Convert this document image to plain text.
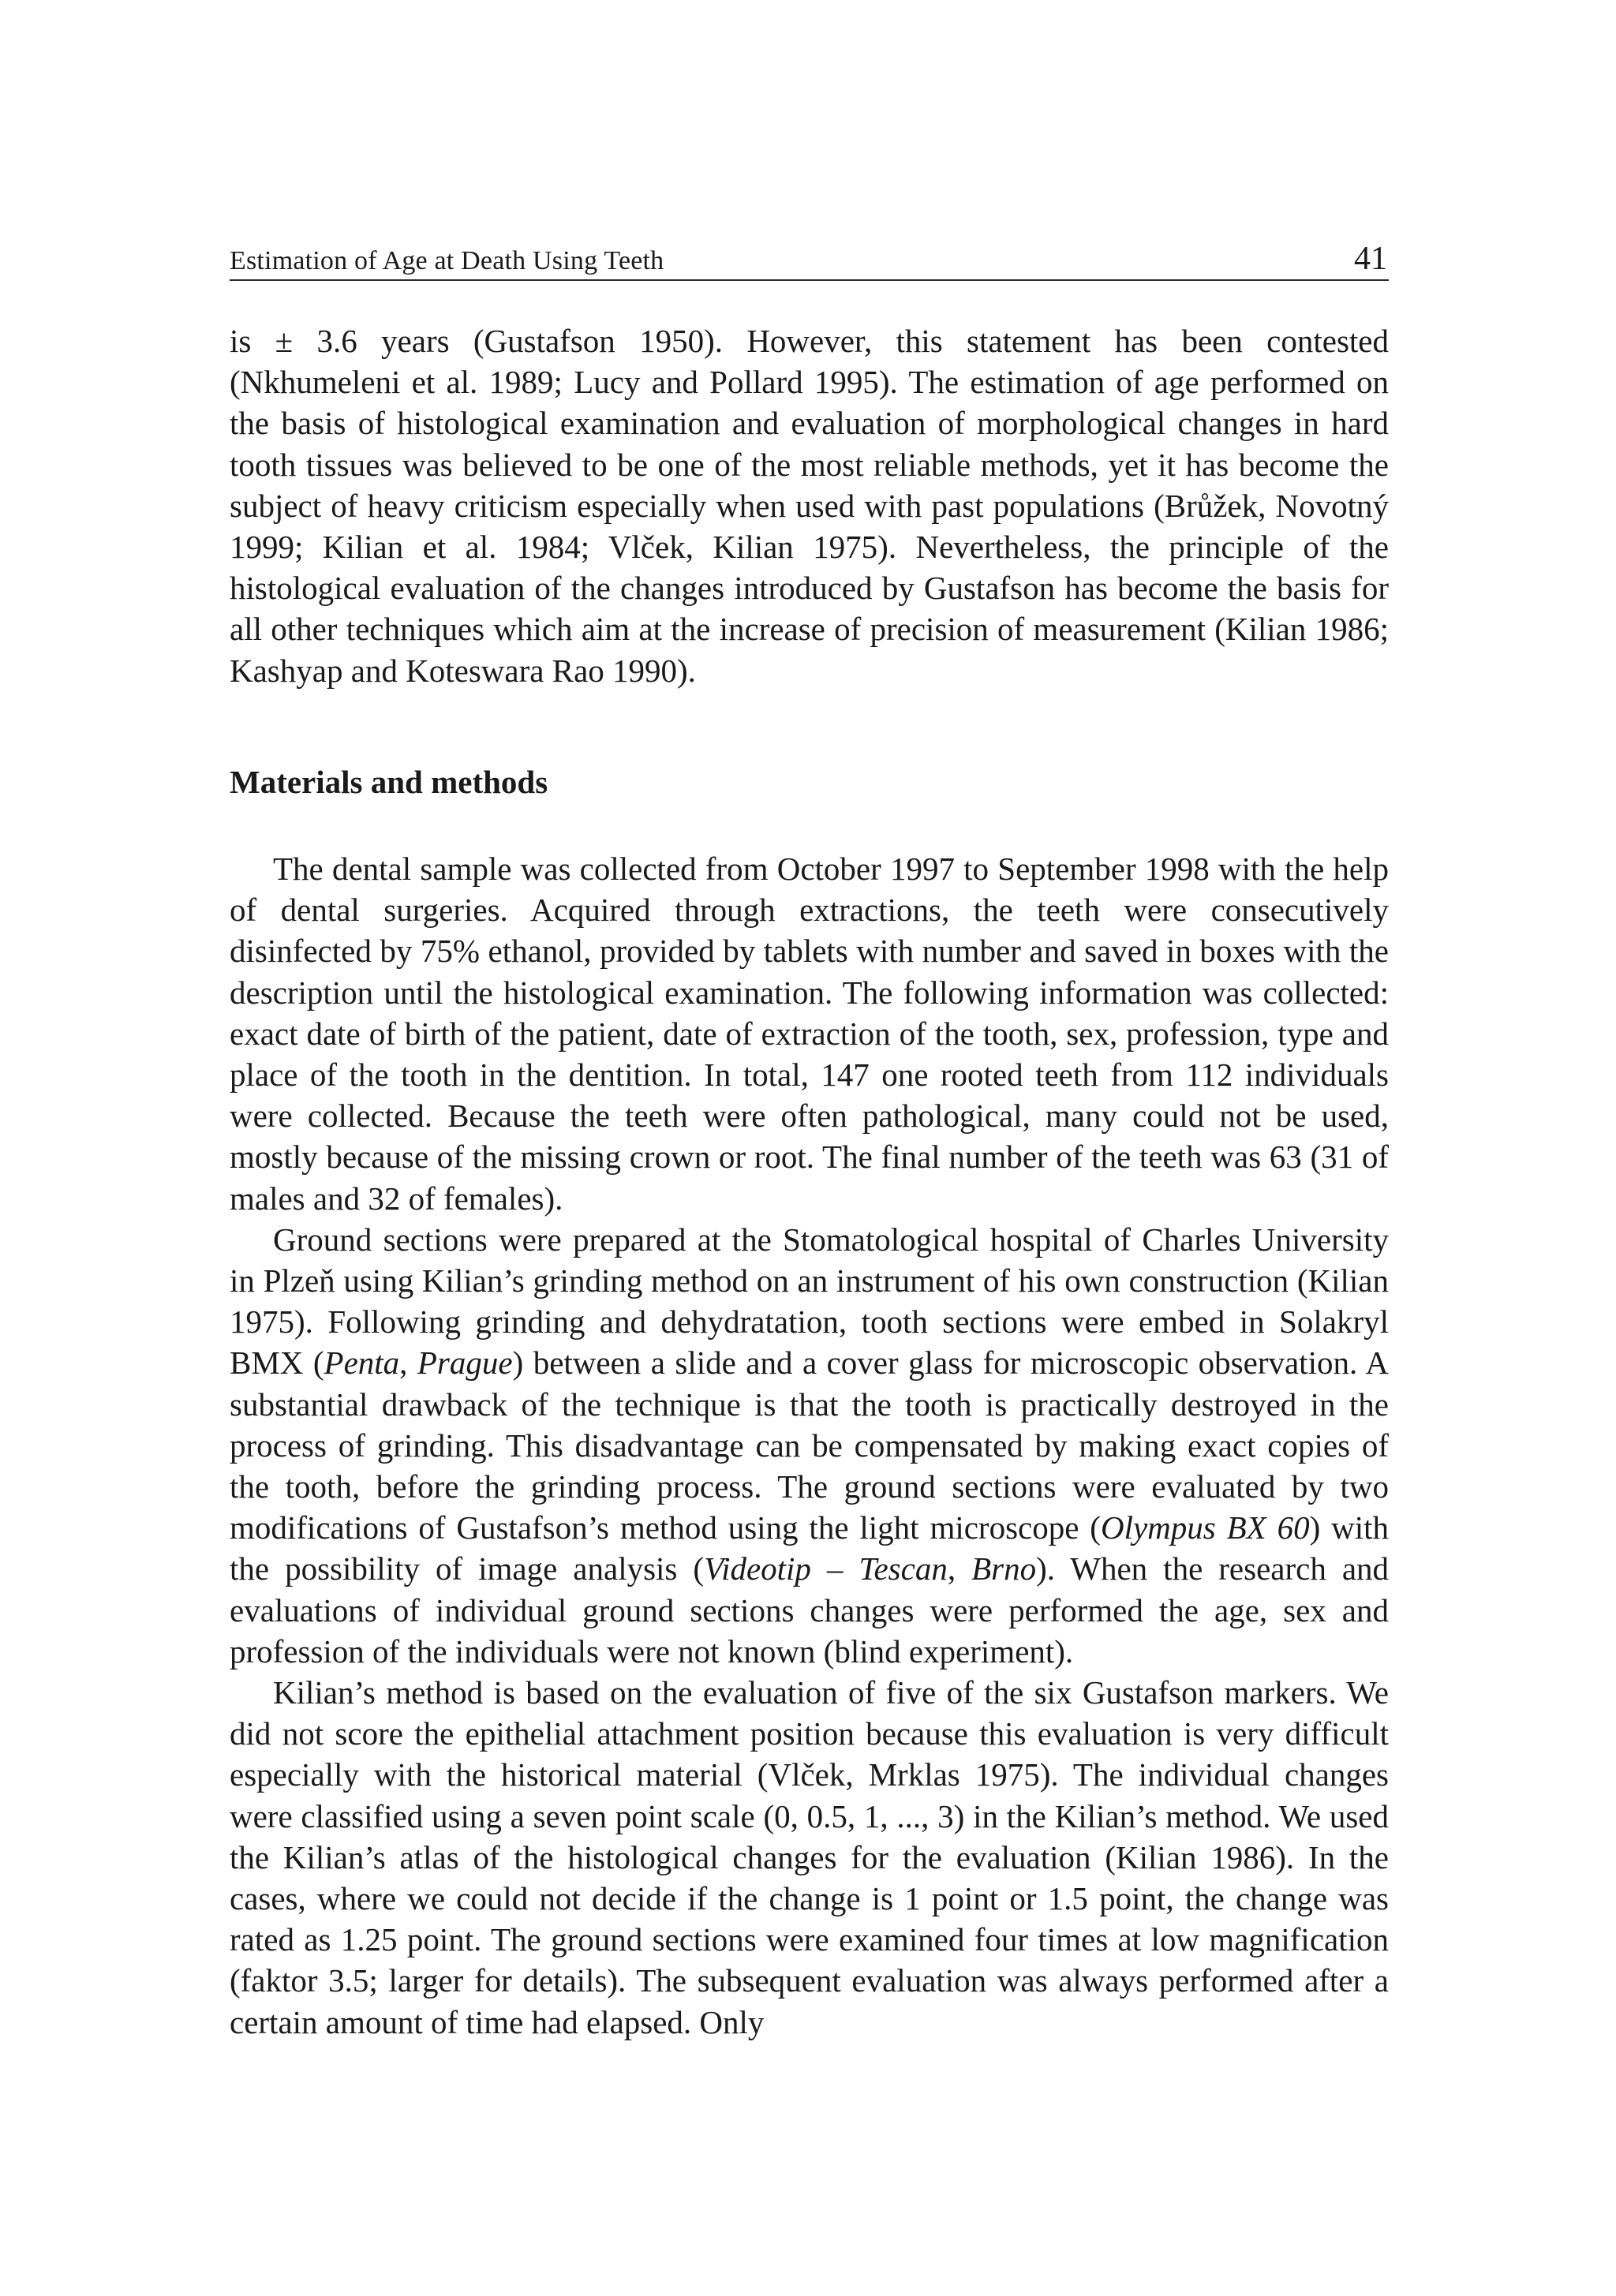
Estimation of Age at Death Using Teeth	41

is ± 3.6 years (Gustafson 1950). However, this statement has been contested (Nkhumeleni et al. 1989; Lucy and Pollard 1995). The estimation of age performed on the basis of histological examination and evaluation of morphological changes in hard tooth tissues was believed to be one of the most reliable methods, yet it has become the subject of heavy criticism especially when used with past populations (Brůžek, Novotný 1999; Kilian et al. 1984; Vlček, Kilian 1975). Nevertheless, the principle of the histological evaluation of the changes introduced by Gustafson has become the basis for all other techniques which aim at the increase of precision of measurement (Kilian 1986; Kashyap and Koteswara Rao 1990).

Materials and methods

The dental sample was collected from October 1997 to September 1998 with the help of dental surgeries. Acquired through extractions, the teeth were consecutively disinfected by 75% ethanol, provided by tablets with number and saved in boxes with the description until the histological examination. The following information was collected: exact date of birth of the patient, date of extraction of the tooth, sex, profession, type and place of the tooth in the dentition. In total, 147 one rooted teeth from 112 individuals were collected. Because the teeth were often pathological, many could not be used, mostly because of the missing crown or root. The final number of the teeth was 63 (31 of males and 32 of females).

Ground sections were prepared at the Stomatological hospital of Charles University in Plzeň using Kilian’s grinding method on an instrument of his own construction (Kilian 1975). Following grinding and dehydratation, tooth sections were embed in Solakryl BMX (Penta, Prague) between a slide and a cover glass for microscopic observation. A substantial drawback of the technique is that the tooth is practically destroyed in the process of grinding. This disadvantage can be compensated by making exact copies of the tooth, before the grinding process. The ground sections were evaluated by two modifications of Gustafson’s method using the light microscope (Olympus BX 60) with the possibility of image analysis (Videotip – Tescan, Brno). When the research and evaluations of individual ground sections changes were performed the age, sex and profession of the individuals were not known (blind experiment).

Kilian’s method is based on the evaluation of five of the six Gustafson markers. We did not score the epithelial attachment position because this evaluation is very difficult especially with the historical material (Vlček, Mrklas 1975). The individual changes were classified using a seven point scale (0, 0.5, 1, ..., 3) in the Kilian’s method. We used the Kilian’s atlas of the histological changes for the evaluation (Kilian 1986). In the cases, where we could not decide if the change is 1 point or 1.5 point, the change was rated as 1.25 point. The ground sections were examined four times at low magnification (faktor 3.5; larger for details). The subsequent evaluation was always performed after a certain amount of time had elapsed. Only
